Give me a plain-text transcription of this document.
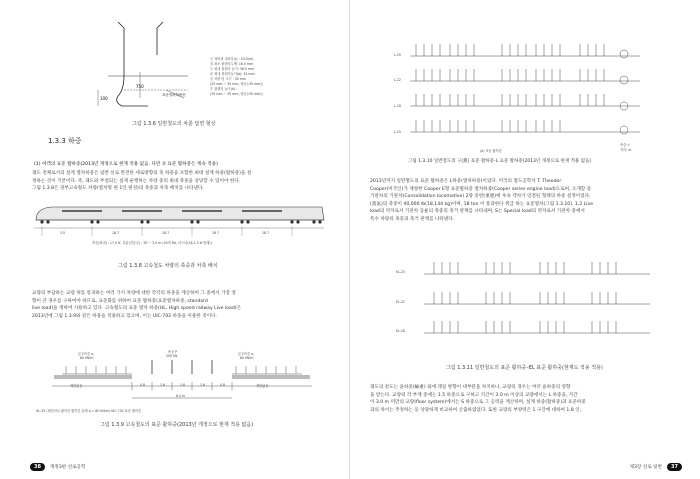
750
100
표준열차하중선
ⓐ 차바퀴 내려갈(r) : 20.0(m)
ⓑ 최소 플랜지두께: 16.0 mm
ⓒ 최대 플랜지 높이: 36.0 mm
ⓓ 최대 플랜지높이(b): 33 mm
ⓔ 차량 및 크기 : 30 mm
(25 mm ~ 35 mm, 평균(:30 mm))
ⓕ 플랜지 높이(h) :
(25 mm ~ 35 mm, 평균(:30 mm))
그림 1.3.6 일반철도의 차륜 답면 형상
1.3.3 하중
(1) 여객의 표준 활하중(2013년 개정으로 현재 적용 없음. 다만 ③ 표준 활하중은 계속 적용)
궤도 전체로서의 설계 열차하중은 일반 선로 완전한 세로방향의 축 하중을 포함한 최대 설계 하중(활하중)을 설
정하는 것이 기본이다. 즉, 궤도와 부설되는 실제 운행하는 차량 중의 최대 축중을 상당할 수 있어야 한다.
그림 1.3.8은 경부고속철도 차량(열차형 편 1인 편성)의 축중과 차축 배치를 나타낸다.
3.0	18.7	18.7	18.7	18.7
축중(최대) : 17.0 tf, 차륜(진동수) : 30 ~ 3.0 m (20개 Rd, 마스터(18-1.5 tf 탑재))
그림 1.3.8 고속철도 차량의 축중과 차축 배치
교량의 부담하는 교량 위를 통과하는 여러 가지 차량에 대한 각각의 하중을 계산하여 그 중에서 가장 영
향이 큰 경우를 구하여야 하므로, 표준화를 위하여 표준 활하중(표준열차하중, standard
live load)을 정하여 사용하고 있다. 고속철도의 표준 열차 하중(HL, High speed railway Live load)은
2013년에 그림 1.3.9와 같은 하중을 적용하고 있으며, 이는 UIC-702 하중을 이용한 것이다.
분포하중 q
80 kN/m
축중 P
250 kN	분포하중 q
80 kN/m
제한없음	0.8	1.6	1.6	1.6	0.8	제한없음
6.4 m
HL-25 (레일선로 활하중 활하중 분배 q = 80 kN/m) UIC-702 표준 활하중
그림 1.3.9 고속철도의 표준 활하중(2013년 개정으로 현재 적용 없음)
38	개정3판 선로공학
L-25
L-22
L-18
L-15
(a) 표준 활하중
축중: t
거리: m
그림 1.3.10 일반철도의 구(舊) 표준 활하중-L 표준 활하중(2013년 개정으로 현재 적용 없음)
2013년까지 일반철도의 표준 활하중은 L하중(열차하중)이었다. 미국의 철도공학자 T. Theodor
Cooper(미국인)가 제창한 Cooper E형 표준활하중 열차하중(Cooper series engine load)으로써, 소개할 증
기관차의 기관차(Consolidation locomotive) 2량 중련(重連)에 후속 객차가 연결된 형태의 하중 설정이었다.
(蒸氣)의 축중이 40,000 lb(18,144 kg)이며, 18 ton 이 통과한다 취급 하는 표준열차(그림 1.3.10). 1,2 Live
load의 약자로서 기관차 동륜의 축중의 축거 관계를 나타내며, S는 Special load의 약자로서 기관차 중에서
특수 차량의 축중과 축거 관계를 나타낸다.
EL-25
EL-22
EL-18
그림 1.3.11 일반철도의 표준 활하중–EL 표준 활하중(현재도 적용 적용)
궤도의 강도는 윤하중(輪重) 외에 레일 방향이 대부분을 차지하나, 교량의 경우는 여러 윤하중의 영향
을 받는다. 교량의 각 부재 중에는 1.5 하중으로 구하고 지간이 3.0 m 이상의 교량에서는 L 하중을, 지간
이 3.0 m 미만의 교량(floor system)에서는 S 하중으로 그 응력을 계산하며, 설계 하중(활하중)과 표준하중
과의 차이는 추정하는 등 상당하게 비교하여 산출하였었다. 또한 교량의 부양력은 1 구간에 대하여 1.8 인,
제3장 선로 일반	37
